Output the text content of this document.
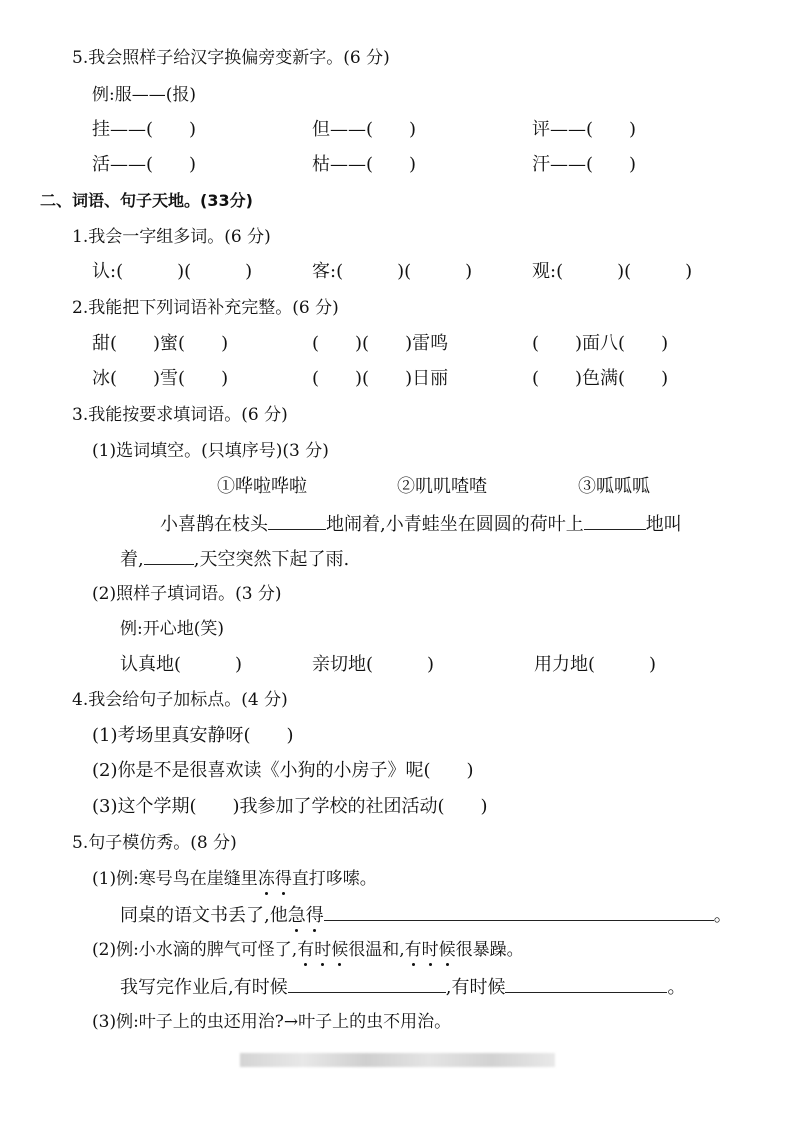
5.我会照样子给汉字换偏旁变新字。(6 分)
例:服——(报)
挂——(　　)	但——(　　)	评——(　　)
活——(　　)	枯——(　　)	汗——(　　)
二、词语、句子天地。(33分)
1.我会一字组多词。(6 分)
认:(　　　)(　　　)	客:(　　　)(　　　)	观:(　　　)(　　　)
2.我能把下列词语补充完整。(6 分)
甜(　　)蜜(　　)	(　　)(　　)雷鸣	(　　)面八(　　)
冰(　　)雪(　　)	(　　)(　　)日丽	(　　)色满(　　)
3.我能按要求填词语。(6 分)
(1)选词填空。(只填序号)(3 分)
①哗啦哗啦	②叽叽喳喳	③呱呱呱
小喜鹊在枝头	地闹着,小青蛙坐在圆圆的荷叶上	地叫
着,	,天空突然下起了雨.
(2)照样子填词语。(3 分)
例:开心地(笑)
认真地(　　　)	亲切地(　　　)	用力地(　　　)
4.我会给句子加标点。(4 分)
(1)考场里真安静呀(　　)
(2)你是不是很喜欢读《小狗的小房子》呢(　　)
(3)这个学期(　　)我参加了学校的社团活动(　　)
5.句子模仿秀。(8 分)
(1)例:寒号鸟在崖缝里冻得直打哆嗦。
同桌的语文书丢了,他急得	。
(2)例:小水滴的脾气可怪了,有时候很温和,有时候很暴躁。
我写完作业后,有时候	,有时候	。
(3)例:叶子上的虫还用治?→叶子上的虫不用治。
